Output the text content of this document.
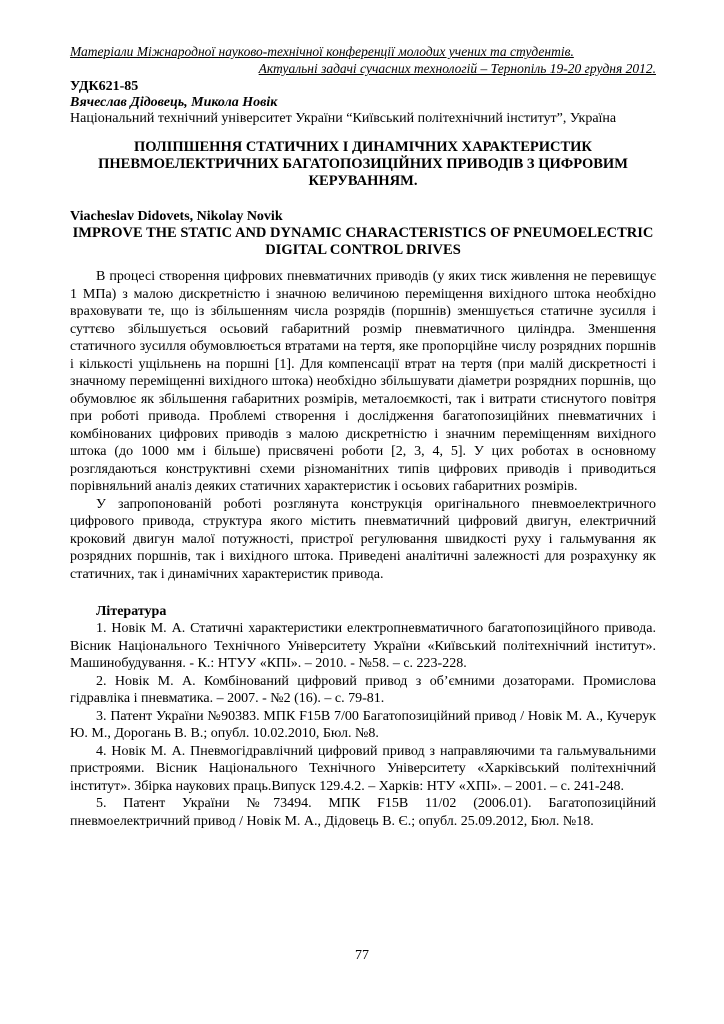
Матеріали Міжнародної науково-технічної конференції молодих учених та студентів.
Актуальні задачі сучасних технологій – Тернопіль 19-20 грудня 2012.
УДК621-85
Вячеслав Дідовець, Микола Новік
Національний технічний університет України “Київський політехнічний інститут”, Україна
ПОЛІПШЕННЯ СТАТИЧНИХ І ДИНАМІЧНИХ ХАРАКТЕРИСТИК ПНЕВМОЕЛЕКТРИЧНИХ БАГАТОПОЗИЦІЙНИХ ПРИВОДІВ З ЦИФРОВИМ КЕРУВАННЯМ.
Viacheslav Didovets, Nikolay Novik
IMPROVE THE STATIC AND DYNAMIC CHARACTERISTICS OF PNEUMOELECTRIC DIGITAL CONTROL DRIVES

В процесі створення цифрових пневматичних приводів (у яких тиск живлення не перевищує 1 МПа) з малою дискретністю і значною величиною переміщення вихідного штока необхідно враховувати те, що із збільшенням числа розрядів (поршнів) зменшується статичне зусилля і суттєво збільшується осьовий габаритний розмір пневматичного циліндра. Зменшення статичного зусилля обумовлюється втратами на тертя, яке пропорційне числу розрядних поршнів і кількості ущільнень на поршні [1]. Для компенсації втрат на тертя (при малій дискретності і значному переміщенні вихідного штока) необхідно збільшувати діаметри розрядних поршнів, що обумовлює як збільшення габаритних розмірів, металоємкості, так і витрати стиснутого повітря при роботі привода. Проблемі створення і дослідження багатопозиційних пневматичних і комбінованих цифрових приводів з малою дискретністю і значним переміщенням вихідного штока (до 1000 мм і більше) присвячені роботи [2, 3, 4, 5]. У цих роботах в основному розглядаються конструктивні схеми різноманітних типів цифрових приводів і приводиться порівняльний аналіз деяких статичних характеристик і осьових габаритних розмірів.

У запропонованій роботі розглянута конструкція оригінального пневмоелектричного цифрового привода, структура якого містить пневматичний цифровий двигун, електричний кроковий двигун малої потужності, пристрої регулювання швидкості руху і гальмування як розрядних поршнів, так і вихідного штока. Приведені аналітичні залежності для розрахунку як статичних, так і динамічних характеристик привода.

Література

1. Новік М. А. Статичні характеристики електропневматичного багатопозиційного привода. Вісник Національного Технічного Університету України «Київський політехнічний інститут». Машинобудування. - К.: НТУУ «КПІ». – 2010. - №58. – с. 223-228.

2. Новік М. А. Комбінований цифровий привод з об’ємними дозаторами. Промислова гідравліка і пневматика. – 2007. - №2 (16). – с. 79-81.

3. Патент України №90383. МПК F15B 7/00 Багатопозиційний привод / Новік М. А., Кучерук Ю. М., Дорогань В. В.; опубл. 10.02.2010, Бюл. №8.

4. Новік М. А. Пневмогідравлічний цифровий привод з направляючими та гальмувальними пристроями. Вісник Національного Технічного Університету «Харківський політехнічний інститут». Збірка наукових праць.Випуск 129.4.2. – Харків: НТУ «ХПІ». – 2001. – с. 241-248.

5. Патент України №73494. МПК F15B 11/02 (2006.01). Багатопозиційний пневмоелектричний привод / Новік М. А., Дідовець В. Є.; опубл. 25.09.2012, Бюл. №18.

77
